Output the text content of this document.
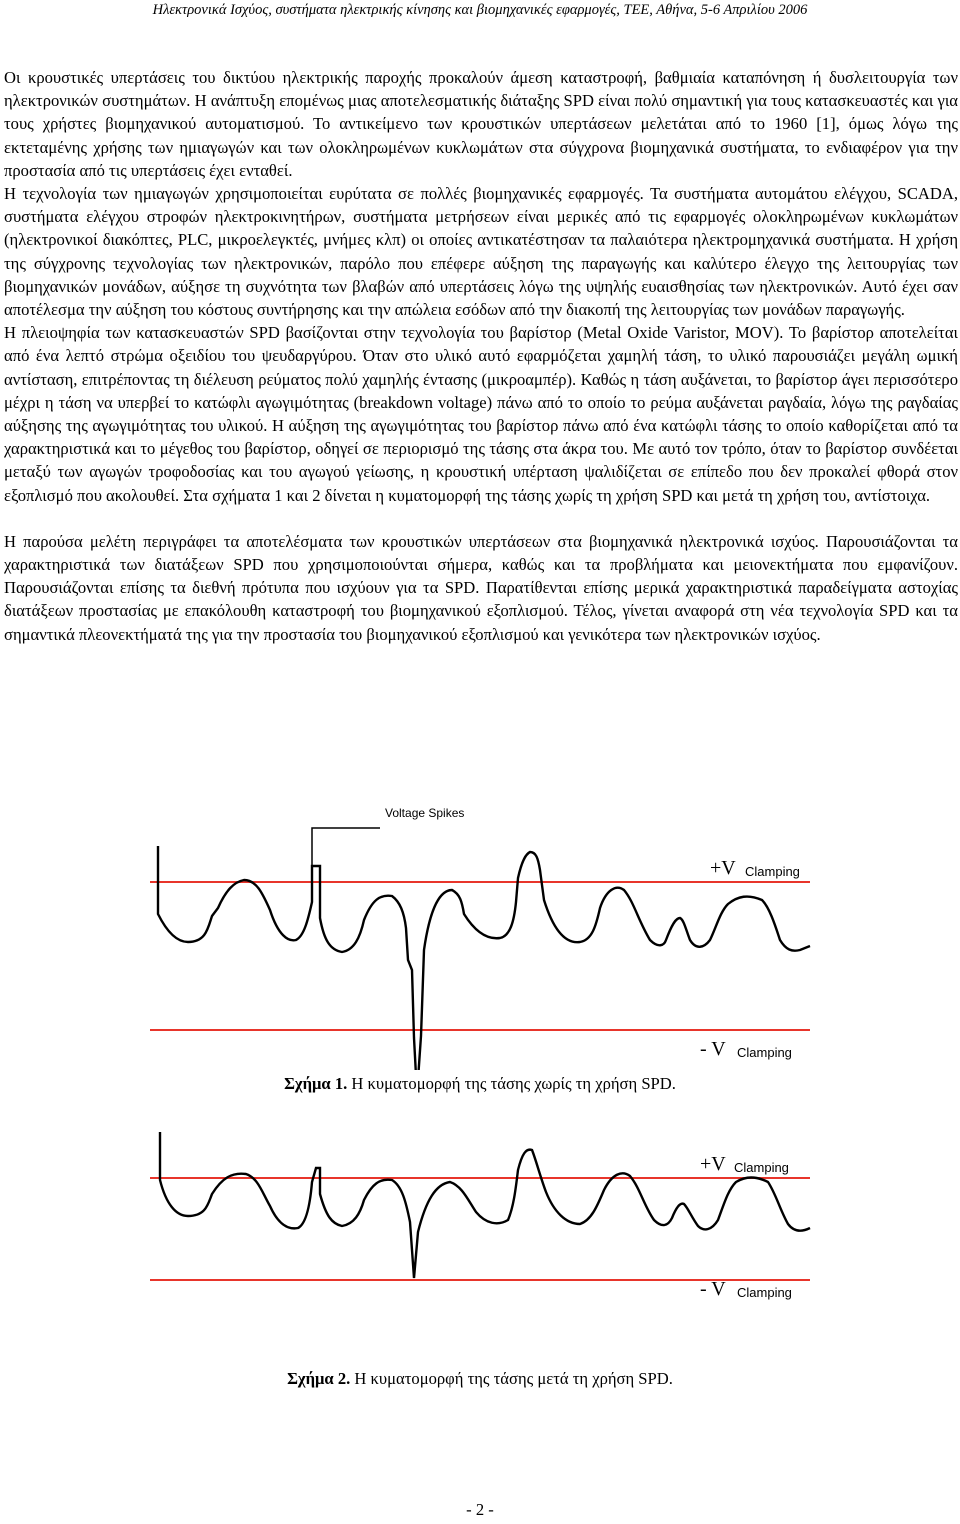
Ηλεκτρονικά Ισχύος, συστήματα ηλεκτρικής κίνησης και βιομηχανικές εφαρμογές, ΤΕΕ, Αθήνα, 5-6 Απριλίου 2006

Οι κρουστικές υπερτάσεις του δικτύου ηλεκτρικής παροχής προκαλούν άμεση καταστροφή, βαθμιαία καταπόνηση ή δυσλειτουργία των ηλεκτρονικών συστημάτων. Η ανάπτυξη επομένως μιας αποτελεσματικής διάταξης SPD είναι πολύ σημαντική για τους κατασκευαστές και για τους χρήστες βιομηχανικού αυτοματισμού. Το αντικείμενο των κρουστικών υπερτάσεων μελετάται από το 1960 [1], όμως λόγω της εκτεταμένης χρήσης των ημιαγωγών και των ολοκληρωμένων κυκλωμάτων στα σύγχρονα βιομηχανικά συστήματα, το ενδιαφέρον για την προστασία από τις υπερτάσεις έχει ενταθεί.

Η τεχνολογία των ημιαγωγών χρησιμοποιείται ευρύτατα σε πολλές βιομηχανικές εφαρμογές. Τα συστήματα αυτομάτου ελέγχου, SCADA, συστήματα ελέγχου στροφών ηλεκτροκινητήρων, συστήματα μετρήσεων είναι μερικές από τις εφαρμογές ολοκληρωμένων κυκλωμάτων (ηλεκτρονικοί διακόπτες, PLC, μικροελεγκτές, μνήμες κλπ) οι οποίες αντικατέστησαν τα παλαιότερα ηλεκτρομηχανικά συστήματα. Η χρήση της σύγχρονης τεχνολογίας των ηλεκτρονικών, παρόλο που επέφερε αύξηση της παραγωγής και καλύτερο έλεγχο της λειτουργίας των βιομηχανικών μονάδων, αύξησε τη συχνότητα των βλαβών από υπερτάσεις λόγω της υψηλής ευαισθησίας των ηλεκτρονικών. Αυτό έχει σαν αποτέλεσμα την αύξηση του κόστους συντήρησης και την απώλεια εσόδων από την διακοπή της λειτουργίας των μονάδων παραγωγής.

Η πλειοψηφία των κατασκευαστών SPD βασίζονται στην τεχνολογία του βαρίστορ (Metal Oxide Varistor, MOV). Το βαρίστορ αποτελείται από ένα λεπτό στρώμα οξειδίου του ψευδαργύρου. Όταν στο υλικό αυτό εφαρμόζεται χαμηλή τάση, το υλικό παρουσιάζει μεγάλη ωμική αντίσταση, επιτρέποντας τη διέλευση ρεύματος πολύ χαμηλής έντασης (μικροαμπέρ). Καθώς η τάση αυξάνεται, το βαρίστορ άγει περισσότερο μέχρι η τάση να υπερβεί το κατώφλι αγωγιμότητας (breakdown voltage) πάνω από το οποίο το ρεύμα αυξάνεται ραγδαία, λόγω της ραγδαίας αύξησης της αγωγιμότητας του υλικού. Η αύξηση της αγωγιμότητας του βαρίστορ πάνω από ένα κατώφλι τάσης το οποίο καθορίζεται από τα χαρακτηριστικά και το μέγεθος του βαρίστορ, οδηγεί σε περιορισμό της τάσης στα άκρα του. Με αυτό τον τρόπο, όταν το βαρίστορ συνδέεται μεταξύ των αγωγών τροφοδοσίας και του αγωγού γείωσης, η κρουστική υπέρταση ψαλιδίζεται σε επίπεδο που δεν προκαλεί φθορά στον εξοπλισμό που ακολουθεί. Στα σχήματα 1 και 2 δίνεται η κυματομορφή της τάσης χωρίς τη χρήση SPD και μετά τη χρήση του, αντίστοιχα.

Η παρούσα μελέτη περιγράφει τα αποτελέσματα των κρουστικών υπερτάσεων στα βιομηχανικά ηλεκτρονικά ισχύος. Παρουσιάζονται τα χαρακτηριστικά των διατάξεων SPD που χρησιμοποιούνται σήμερα, καθώς και τα προβλήματα και μειονεκτήματα που εμφανίζουν. Παρουσιάζονται επίσης τα διεθνή πρότυπα που ισχύουν για τα SPD. Παρατίθενται επίσης μερικά χαρακτηριστικά παραδείγματα αστοχίας διατάξεων προστασίας με επακόλουθη καταστροφή του βιομηχανικού εξοπλισμού. Τέλος, γίνεται αναφορά στη νέα τεχνολογία SPD και τα σημαντικά πλεονεκτήματά της για την προστασία του βιομηχανικού εξοπλισμού και γενικότερα των ηλεκτρονικών ισχύος.

Voltage Spikes
+V Clamping
- V Clamping
Σχήμα 1. Η κυματομορφή της τάσης χωρίς τη χρήση SPD.
+V Clamping
- V Clamping
Σχήμα 2. Η κυματομορφή της τάσης μετά τη χρήση SPD.
- 2 -
